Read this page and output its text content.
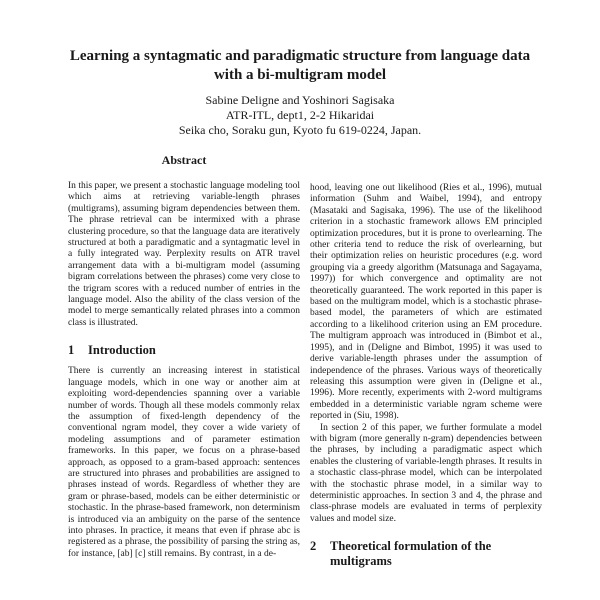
Learning a syntagmatic and paradigmatic structure from language data with a bi-multigram model
Sabine Deligne and Yoshinori Sagisaka
ATR-ITL, dept1, 2-2 Hikaridai
Seika cho, Soraku gun, Kyoto fu 619-0224, Japan.
Abstract

In this paper, we present a stochastic language modeling tool which aims at retrieving variable-length phrases (multigrams), assuming bigram dependencies between them. The phrase retrieval can be intermixed with a phrase clustering procedure, so that the language data are iteratively structured at both a paradigmatic and a syntagmatic level in a fully integrated way. Perplexity results on ATR travel arrangement data with a bi-multigram model (assuming bigram correlations between the phrases) come very close to the trigram scores with a reduced number of entries in the language model. Also the ability of the class version of the model to merge semantically related phrases into a common class is illustrated.

1 Introduction

There is currently an increasing interest in statistical language models, which in one way or another aim at exploiting word-dependencies spanning over a variable number of words. Though all these models commonly relax the assumption of fixed-length dependency of the conventional ngram model, they cover a wide variety of modeling assumptions and of parameter estimation frameworks. In this paper, we focus on a phrase-based approach, as opposed to a gram-based approach: sentences are structured into phrases and probabilities are assigned to phrases instead of words. Regardless of whether they are gram or phrase-based, models can be either deterministic or stochastic. In the phrase-based framework, non determinism is introduced via an ambiguity on the parse of the sentence into phrases. In practice, it means that even if phrase abc is registered as a phrase, the possibility of parsing the string as, for instance, [ab] [c] still remains. By contrast, in a de-

hood, leaving one out likelihood (Ries et al., 1996), mutual information (Suhm and Waibel, 1994), and entropy (Masataki and Sagisaka, 1996). The use of the likelihood criterion in a stochastic framework allows EM principled optimization procedures, but it is prone to overlearning. The other criteria tend to reduce the risk of overlearning, but their optimization relies on heuristic procedures (e.g. word grouping via a greedy algorithm (Matsunaga and Sagayama, 1997)) for which convergence and optimality are not theoretically guaranteed. The work reported in this paper is based on the multigram model, which is a stochastic phrase-based model, the parameters of which are estimated according to a likelihood criterion using an EM procedure. The multigram approach was introduced in (Bimbot et al., 1995), and in (Deligne and Bimbot, 1995) it was used to derive variable-length phrases under the assumption of independence of the phrases. Various ways of theoretically releasing this assumption were given in (Deligne et al., 1996). More recently, experiments with 2-word multigrams embedded in a deterministic variable ngram scheme were reported in (Siu, 1998).

In section 2 of this paper, we further formulate a model with bigram (more generally n-gram) dependencies between the phrases, by including a paradigmatic aspect which enables the clustering of variable-length phrases. It results in a stochastic class-phrase model, which can be interpolated with the stochastic phrase model, in a similar way to deterministic approaches. In section 3 and 4, the phrase and class-phrase models are evaluated in terms of perplexity values and model size.

2 Theoretical formulation of the multigrams
